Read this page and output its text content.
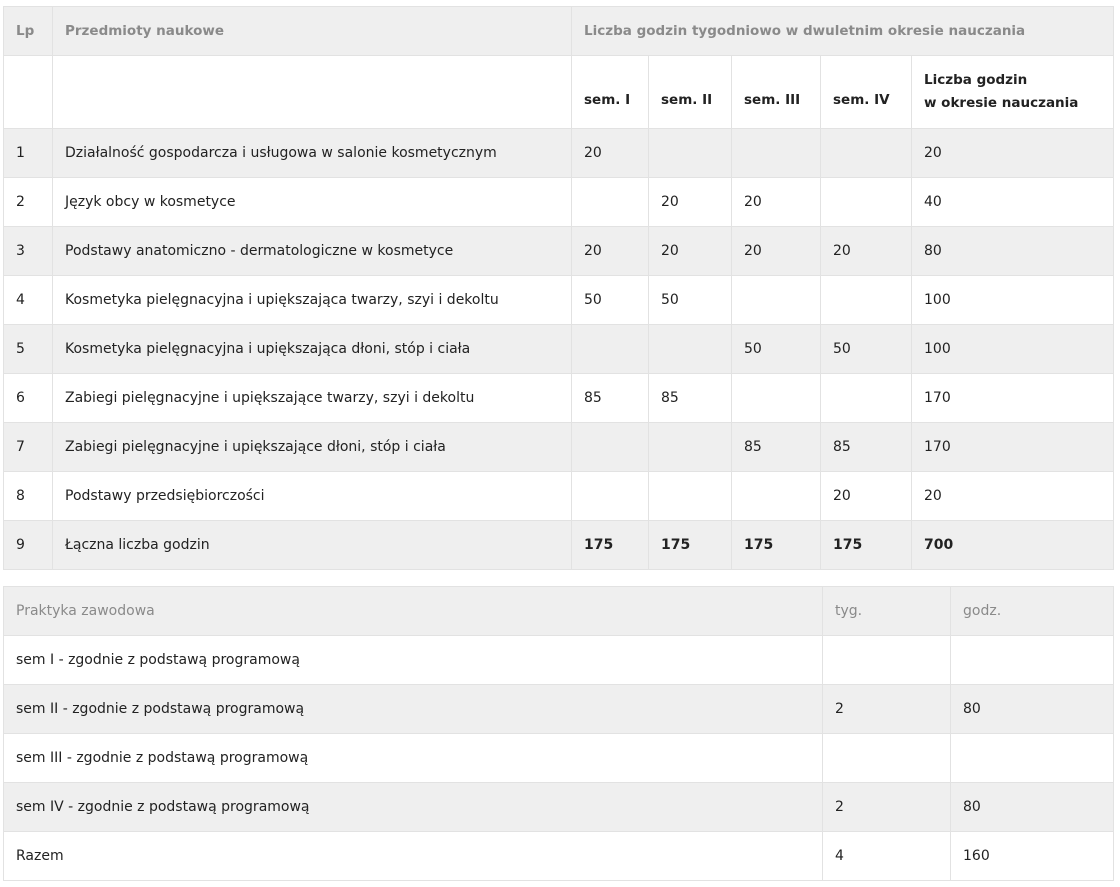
Lp	Przedmioty naukowe	Liczba godzin tygodniowo w dwuletnim okresie nauczania				
		sem. I	sem. II	sem. III	sem. IV	Liczba godzin
w okresie nauczania
1	Działalność gospodarcza i usługowa w salonie kosmetycznym	20				20
2	Język obcy w kosmetyce		20	20		40
3	Podstawy anatomiczno - dermatologiczne w kosmetyce	20	20	20	20	80
4	Kosmetyka pielęgnacyjna i upiększająca twarzy, szyi i dekoltu	50	50			100
5	Kosmetyka pielęgnacyjna i upiększająca dłoni, stóp i ciała			50	50	100
6	Zabiegi pielęgnacyjne i upiększające twarzy, szyi i dekoltu	85	85			170
7	Zabiegi pielęgnacyjne i upiększające dłoni, stóp i ciała			85	85	170
8	Podstawy przedsiębiorczości				20	20
9	Łączna liczba godzin	175	175	175	175	700
Praktyka zawodowa	tyg.	godz.
sem I - zgodnie z podstawą programową		
sem II - zgodnie z podstawą programową	2	80
sem III - zgodnie z podstawą programową		
sem IV - zgodnie z podstawą programową	2	80
Razem	4	160
